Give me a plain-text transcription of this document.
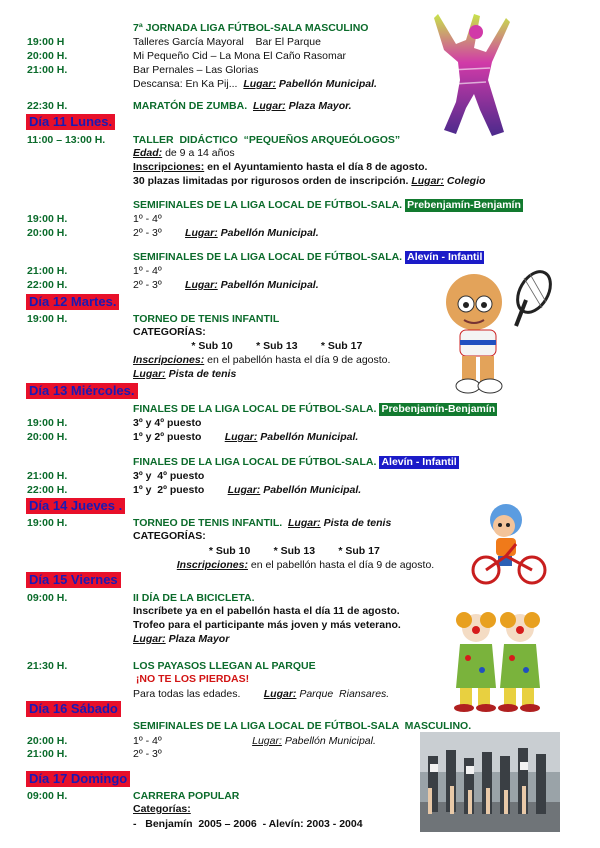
7ª JORNADA LIGA FÚTBOL-SALA MASCULINO
19:00 H	Talleres García Mayoral    Bar El Parque
20:00 H.	Mi Pequeño Cid – La Mona El Caño Rasomar
21:00 H.	Bar Pernales – Las Glorias
Descansa: En Ka Pij...  Lugar: Pabellón Municipal.
22:30 H.	MARATÓN DE ZUMBA. Lugar: Plaza Mayor.
11:00 – 13:00 H.	TALLER  DIDÁCTICO  “PEQUEÑOS ARQUEÓLOGOS”
Edad: de 9 a 14 años
Inscripciones: en el Ayuntamiento hasta el día 8 de agosto.
30 plazas limitadas por rigurosos orden de inscripción. Lugar: Colegio
SEMIFINALES DE LA LIGA LOCAL DE FÚTBOL-SALA. Prebenjamín-Benjamín
19:00 H.	1º - 4º
20:00 H.	2º - 3º        Lugar: Pabellón Municipal.
SEMIFINALES DE LA LIGA LOCAL DE FÚTBOL-SALA. Alevín - Infantil
21:00 H.	1º - 4º
22:00 H.	2º - 3º        Lugar: Pabellón Municipal.
19:00 H.	TORNEO DE TENIS INFANTIL
CATEGORÍAS:
* Sub 10        * Sub 13        * Sub 17
Inscripciones: en el pabellón hasta el día 9 de agosto.
Lugar: Pista de tenis
FINALES DE LA LIGA LOCAL DE FÚTBOL-SALA. Prebenjamín-Benjamín
19:00 H.	3º y 4º puesto
20:00 H.	1º y 2º puesto        Lugar: Pabellón Municipal.
FINALES DE LA LIGA LOCAL DE FÚTBOL-SALA. Alevín - Infantil
21:00 H.	3º y  4º puesto
22:00 H.	1º y  2º puesto        Lugar: Pabellón Municipal.
19:00 H.	TORNEO DE TENIS INFANTIL. Lugar: Pista de tenis
CATEGORÍAS:
* Sub 10        * Sub 13        * Sub 17
Inscripciones: en el pabellón hasta el día 9 de agosto.
09:00 H.	II DÍA DE LA BICICLETA.
Inscríbete ya en el pabellón hasta el día 11 de agosto.
Trofeo para el participante más joven y más veterano.
Lugar: Plaza Mayor
21:30 H.	LOS PAYASOS LLEGAN AL PARQUE
¡NO TE LOS PIERDAS!
Para todas las edades.        Lugar: Parque  Riansares.
SEMIFINALES DE LA LIGA LOCAL DE FÚTBOL-SALA  MASCULINO.
20:00 H.	1º - 4º                               Lugar: Pabellón Municipal.
21:00 H.	2º - 3º
09:00 H.	CARRERA POPULAR
Categorías:
-   Benjamín  2005 – 2006  - Alevín: 2003 - 2004
Día 11 Lunes.
Día 12 Martes.
Día 13 Miércoles.
Día 14 Jueves .
Día 15 Viernes
Día 16 Sábado
Día 17 Domingo
